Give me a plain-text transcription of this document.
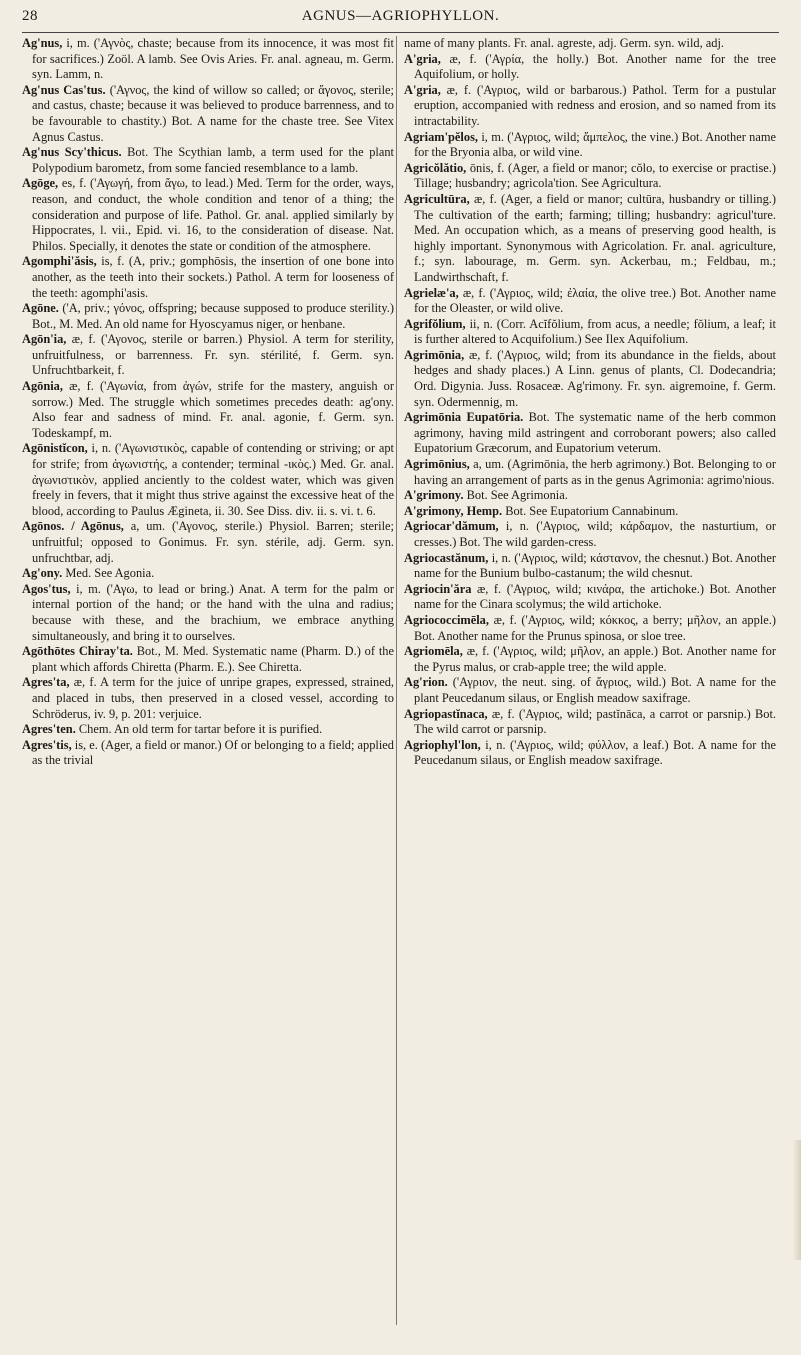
28	AGNUS—AGRIOPHYLLON.

Ag'nus, i, m. ('Αγνὸς, chaste; because from its innocence, it was most fit for sacrifices.) Zoöl. A lamb. See Ovis Aries. Fr. anal. agneau, m. Germ. syn. Lamm, n.

Ag'nus Cas'tus. ('Αγνος, the kind of willow so called; or ἄγονος, sterile; and castus, chaste; because it was believed to produce barrenness, and to be favourable to chastity.) Bot. A name for the chaste tree. See Vitex Agnus Castus.

Ag'nus Scy'thicus. Bot. The Scythian lamb, a term used for the plant Polypodium barometz, from some fancied resemblance to a lamb.

Agōge, es, f. ('Αγωγή, from ἄγω, to lead.) Med. Term for the order, ways, reason, and conduct, the whole condition and tenor of a thing; the consideration and purpose of life. Pathol. Gr. anal. applied similarly by Hippocrates, l. vii., Epid. vi. 16, to the consideration of disease. Nat. Philos. Specially, it denotes the state or condition of the atmosphere.

Agomphi'ăsis, is, f. (A, priv.; gomphōsis, the insertion of one bone into another, as the teeth into their sockets.) Pathol. A term for looseness of the teeth: agomphi'asis.

Agōne. ('A, priv.; γόνος, offspring; because supposed to produce sterility.) Bot., M. Med. An old name for Hyoscyamus niger, or henbane.

Agōn'ia, æ, f. ('Αγονος, sterile or barren.) Physiol. A term for sterility, unfruitfulness, or barrenness. Fr. syn. stérilité, f. Germ. syn. Unfruchtbarkeit, f.

Agōnia, æ, f. ('Αγωνία, from ἀγών, strife for the mastery, anguish or sorrow.) Med. The struggle which sometimes precedes death: ag'ony. Also fear and sadness of mind. Fr. anal. agonie, f. Germ. syn. Todeskampf, m.

Agōnistĭcon, i, n. ('Αγωνιστικὸς, capable of contending or striving; or apt for strife; from ἀγωνιστής, a contender; terminal -ικὸς.) Med. Gr. anal. ἀγωνιστικὸν, applied anciently to the coldest water, which was given freely in fevers, that it might thus strive against the excessive heat of the blood, according to Paulus Ægineta, ii. 30. See Diss. div. ii. s. vi. t. 6.

Agōnos. / Agōnus, a, um. ('Αγονος, sterile.) Physiol. Barren; sterile; unfruitful; opposed to Gonimus. Fr. syn. stérile, adj. Germ. syn. unfruchtbar, adj.

Ag'ony. Med. See Agonia.

Agos'tus, i, m. ('Αγω, to lead or bring.) Anat. A term for the palm or internal portion of the hand; or the hand with the ulna and radius; because with these, and the brachium, we embrace anything simultaneously, and bring it to ourselves.

Agōthōtes Chiray'ta. Bot., M. Med. Systematic name (Pharm. D.) of the plant which affords Chiretta (Pharm. E.). See Chiretta.

Agres'ta, æ, f. A term for the juice of unripe grapes, expressed, strained, and placed in tubs, then preserved in a closed vessel, according to Schröderus, iv. 9, p. 201: verjuice.

Agres'ten. Chem. An old term for tartar before it is purified.

Agres'tis, is, e. (Ager, a field or manor.) Of or belonging to a field; applied as the trivial

name of many plants. Fr. anal. agreste, adj. Germ. syn. wild, adj.

A'gria, æ, f. ('Αγρία, the holly.) Bot. Another name for the tree Aquifolium, or holly.

A'gria, æ, f. ('Αγριος, wild or barbarous.) Pathol. Term for a pustular eruption, accompanied with redness and erosion, and so named from its intractability.

Agriam'pĕlos, i, m. ('Αγριος, wild; ἄμπελος, the vine.) Bot. Another name for the Bryonia alba, or wild vine.

Agricŏlătio, ōnis, f. (Ager, a field or manor; cŏlo, to exercise or practise.) Tillage; husbandry; agricola'tion. See Agricultura.

Agricultūra, æ, f. (Ager, a field or manor; cultūra, husbandry or tilling.) The cultivation of the earth; farming; tilling; husbandry: agricul'ture. Med. An occupation which, as a means of preserving good health, is highly important. Synonymous with Agricolation. Fr. anal. agriculture, f.; syn. labourage, m. Germ. syn. Ackerbau, m.; Feldbau, m.; Landwirthschaft, f.

Agrielæ'a, æ, f. ('Αγριος, wild; ἐλαία, the olive tree.) Bot. Another name for the Oleaster, or wild olive.

Agrifŏlium, ii, n. (Corr. Acĭfŏlium, from acus, a needle; fŏlium, a leaf; it is further altered to Acquifolium.) See Ilex Aquifolium.

Agrimōnia, æ, f. ('Αγριος, wild; from its abundance in the fields, about hedges and shady places.) A Linn. genus of plants, Cl. Dodecandria; Ord. Digynia. Juss. Rosaceæ. Ag'rimony. Fr. syn. aigremoine, f. Germ. syn. Odermennig, m.

Agrimōnia Eupatōria. Bot. The systematic name of the herb common agrimony, having mild astringent and corroborant powers; also called Eupatorium Græcorum, and Eupatorium veterum.

Agrimōnius, a, um. (Agrimōnia, the herb agrimony.) Bot. Belonging to or having an arrangement of parts as in the genus Agrimonia: agrimo'nious.

A'grimony. Bot. See Agrimonia.

A'grimony, Hemp. Bot. See Eupatorium Cannabinum.

Agriocar'dămum, i, n. ('Αγριος, wild; κάρδαμον, the nasturtium, or cresses.) Bot. The wild garden-cress.

Agriocastănum, i, n. ('Αγριος, wild; κάστανον, the chesnut.) Bot. Another name for the Bunium bulbo-castanum; the wild chesnut.

Agriocin'ăra æ, f. ('Αγριος, wild; κινάρα, the artichoke.) Bot. Another name for the Cinara scolymus; the wild artichoke.

Agriococcimēla, æ, f. ('Αγριος, wild; κόκκος, a berry; μῆλον, an apple.) Bot. Another name for the Prunus spinosa, or sloe tree.

Agriomēla, æ, f. ('Αγριος, wild; μῆλον, an apple.) Bot. Another name for the Pyrus malus, or crab-apple tree; the wild apple.

Ag'rion. ('Αγριον, the neut. sing. of ἄγριος, wild.) Bot. A name for the plant Peucedanum silaus, or English meadow saxifrage.

Agriopastĭnaca, æ, f. ('Αγριος, wild; pastĭnāca, a carrot or parsnip.) Bot. The wild carrot or parsnip.

Agriophyl'lon, i, n. ('Αγριος, wild; φύλλον, a leaf.) Bot. A name for the Peucedanum silaus, or English meadow saxifrage.
